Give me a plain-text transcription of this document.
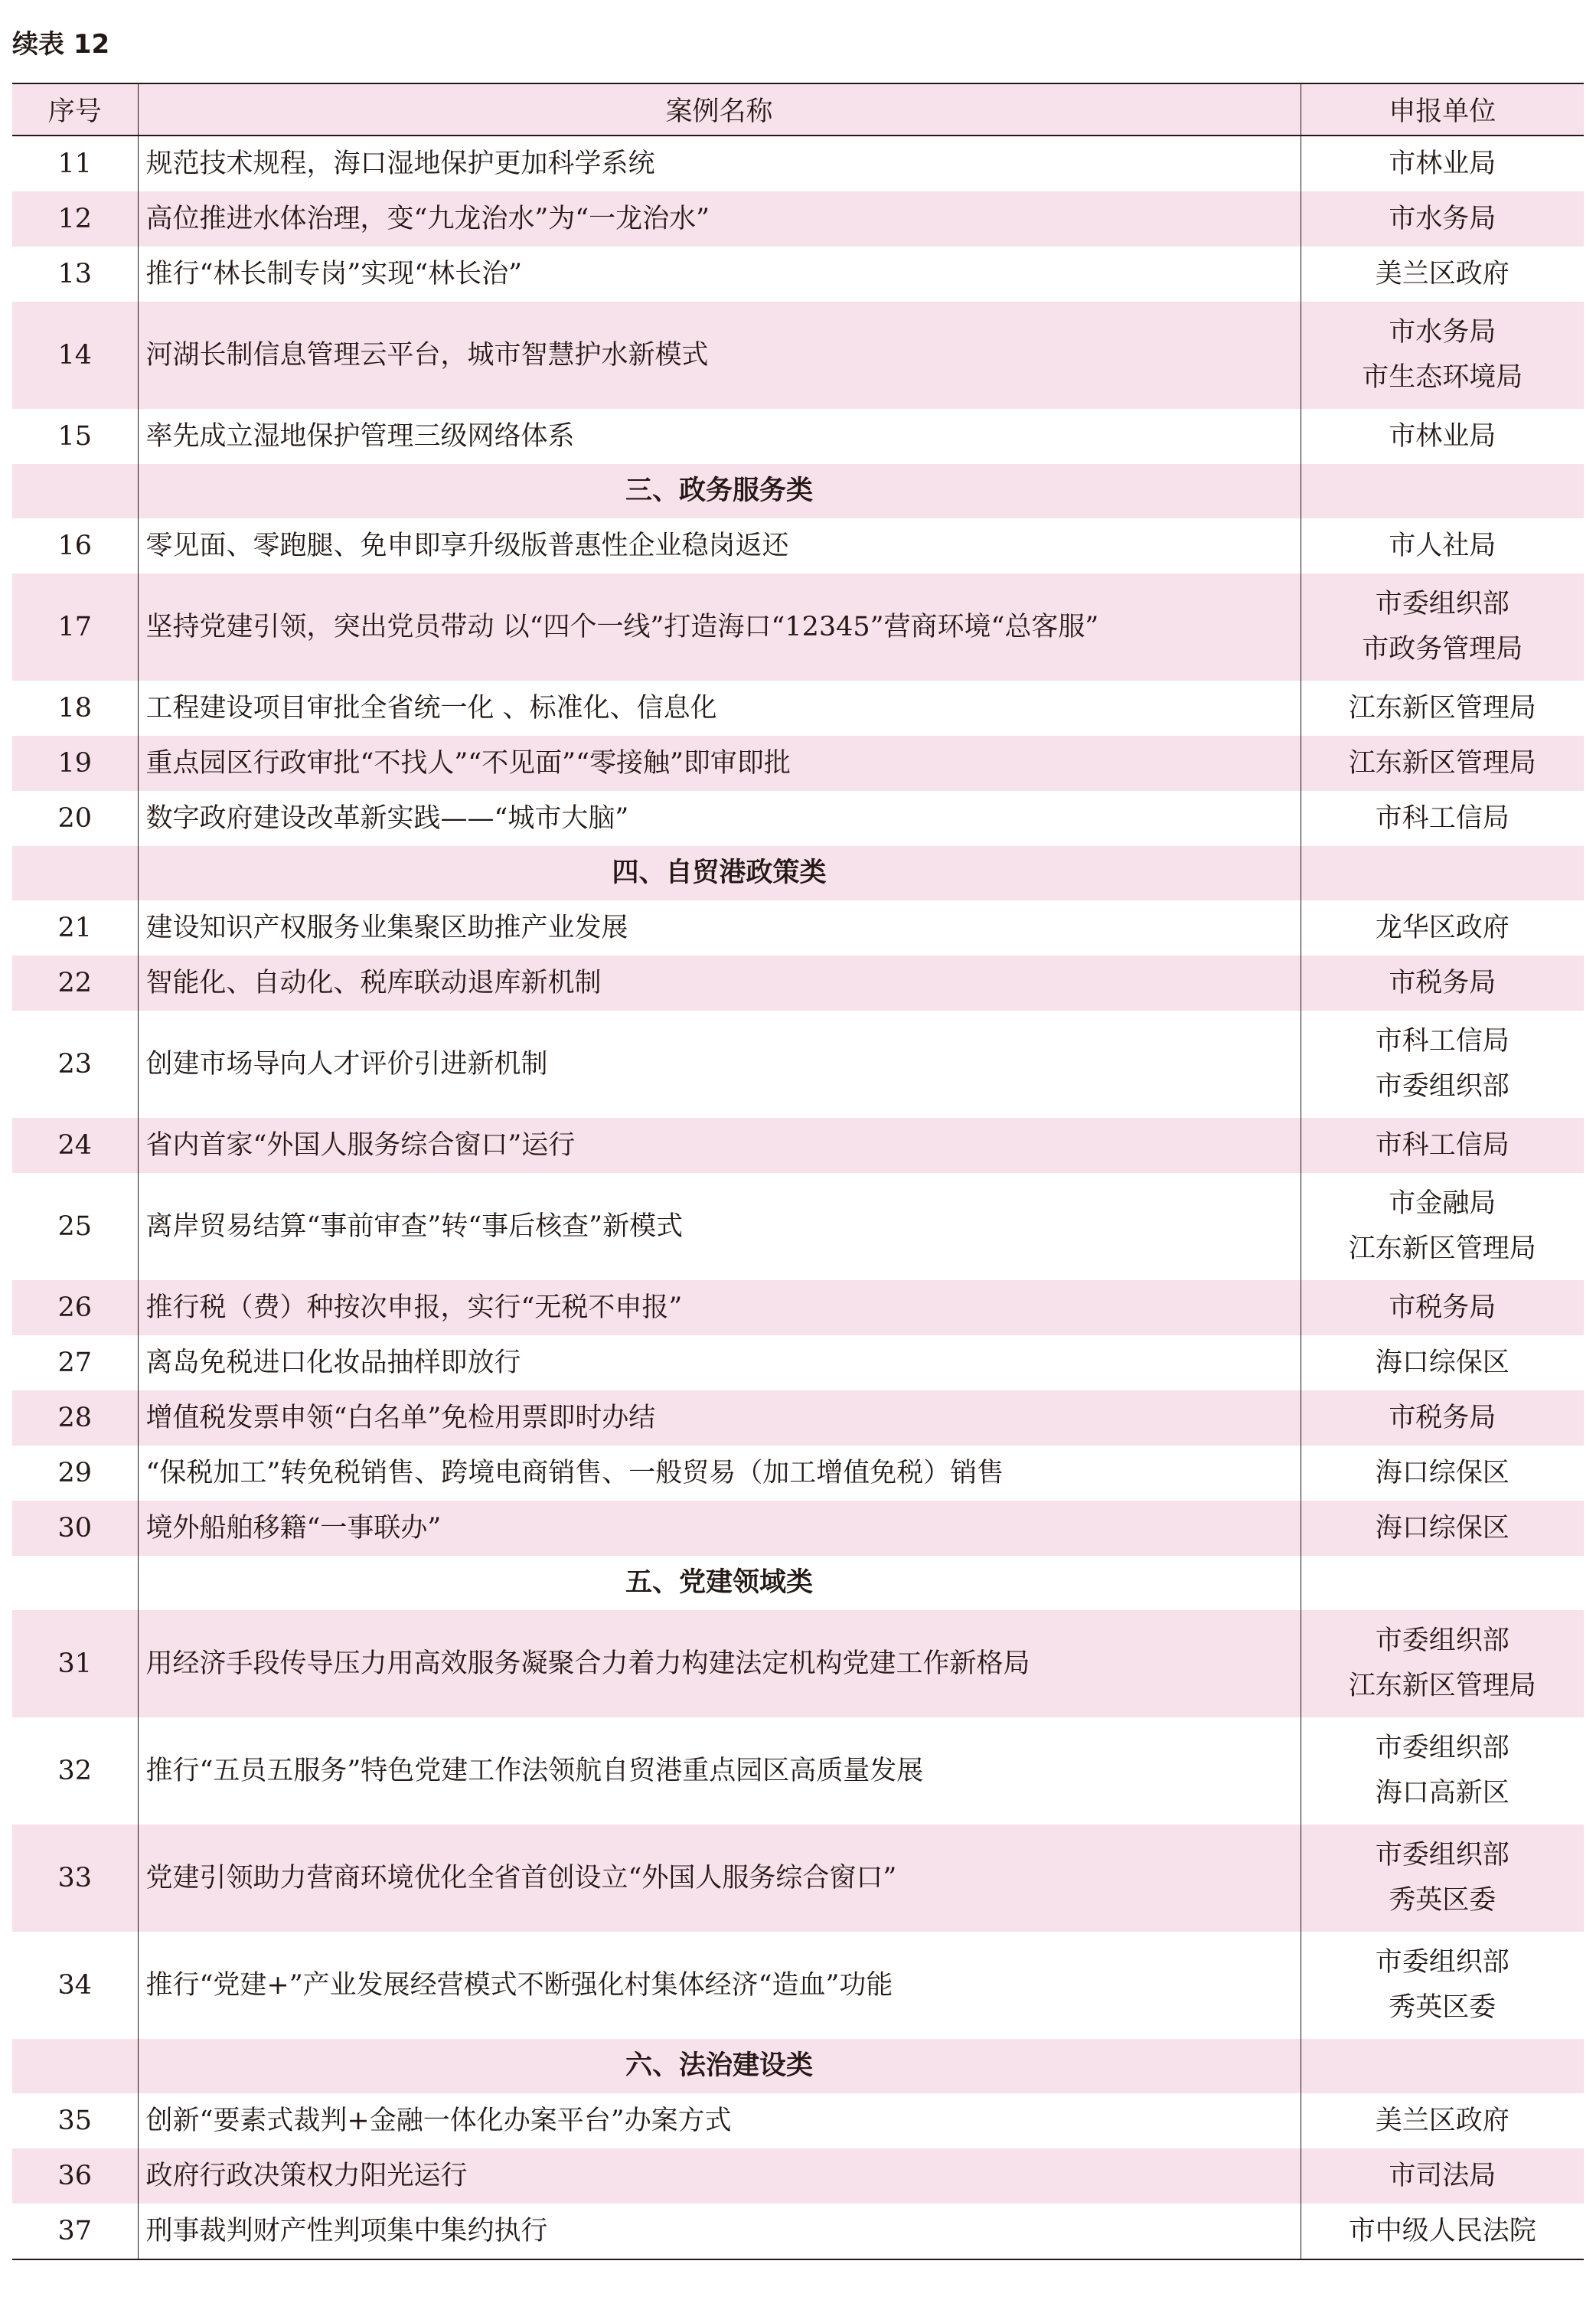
续表 12
序号	案例名称	申报单位
11	规范技术规程，海口湿地保护更加科学系统	市林业局

12	高位推进水体治理，变“九龙治水”为“一龙治水”	市水务局

13	推行“林长制专岗”实现“林长治”	美兰区政府

14	河湖长制信息管理云平台，城市智慧护水新模式	市水务局
市生态环境局

15	率先成立湿地保护管理三级网络体系	市林业局

	三、政务服务类	
16	零见面、零跑腿、免申即享升级版普惠性企业稳岗返还	市人社局

17	坚持党建引领，突出党员带动 以“四个一线”打造海口“12345”营商环境“总客服”	市委组织部
市政务管理局

18	工程建设项目审批全省统一化 、标准化、信息化	江东新区管理局

19	重点园区行政审批“不找人”“不见面”“零接触”即审即批	江东新区管理局

20	数字政府建设改革新实践——“城市大脑”	市科工信局

	四、自贸港政策类	
21	建设知识产权服务业集聚区助推产业发展	龙华区政府

22	智能化、自动化、税库联动退库新机制	市税务局

23	创建市场导向人才评价引进新机制	市科工信局
市委组织部

24	省内首家“外国人服务综合窗口”运行	市科工信局

25	离岸贸易结算“事前审查”转“事后核查”新模式	市金融局
江东新区管理局

26	推行税（费）种按次申报，实行“无税不申报”	市税务局

27	离岛免税进口化妆品抽样即放行	海口综保区

28	增值税发票申领“白名单”免检用票即时办结	市税务局

29	“保税加工”转免税销售、跨境电商销售、一般贸易（加工增值免税）销售	海口综保区

30	境外船舶移籍“一事联办”	海口综保区

	五、党建领域类	
31	用经济手段传导压力用高效服务凝聚合力着力构建法定机构党建工作新格局	市委组织部
江东新区管理局

32	推行“五员五服务”特色党建工作法领航自贸港重点园区高质量发展	市委组织部
海口高新区

33	党建引领助力营商环境优化全省首创设立“外国人服务综合窗口”	市委组织部
秀英区委

34	推行“党建+”产业发展经营模式不断强化村集体经济“造血”功能	市委组织部
秀英区委

	六、法治建设类	
35	创新“要素式裁判+金融一体化办案平台”办案方式	美兰区政府

36	政府行政决策权力阳光运行	市司法局

37	刑事裁判财产性判项集中集约执行	市中级人民法院
